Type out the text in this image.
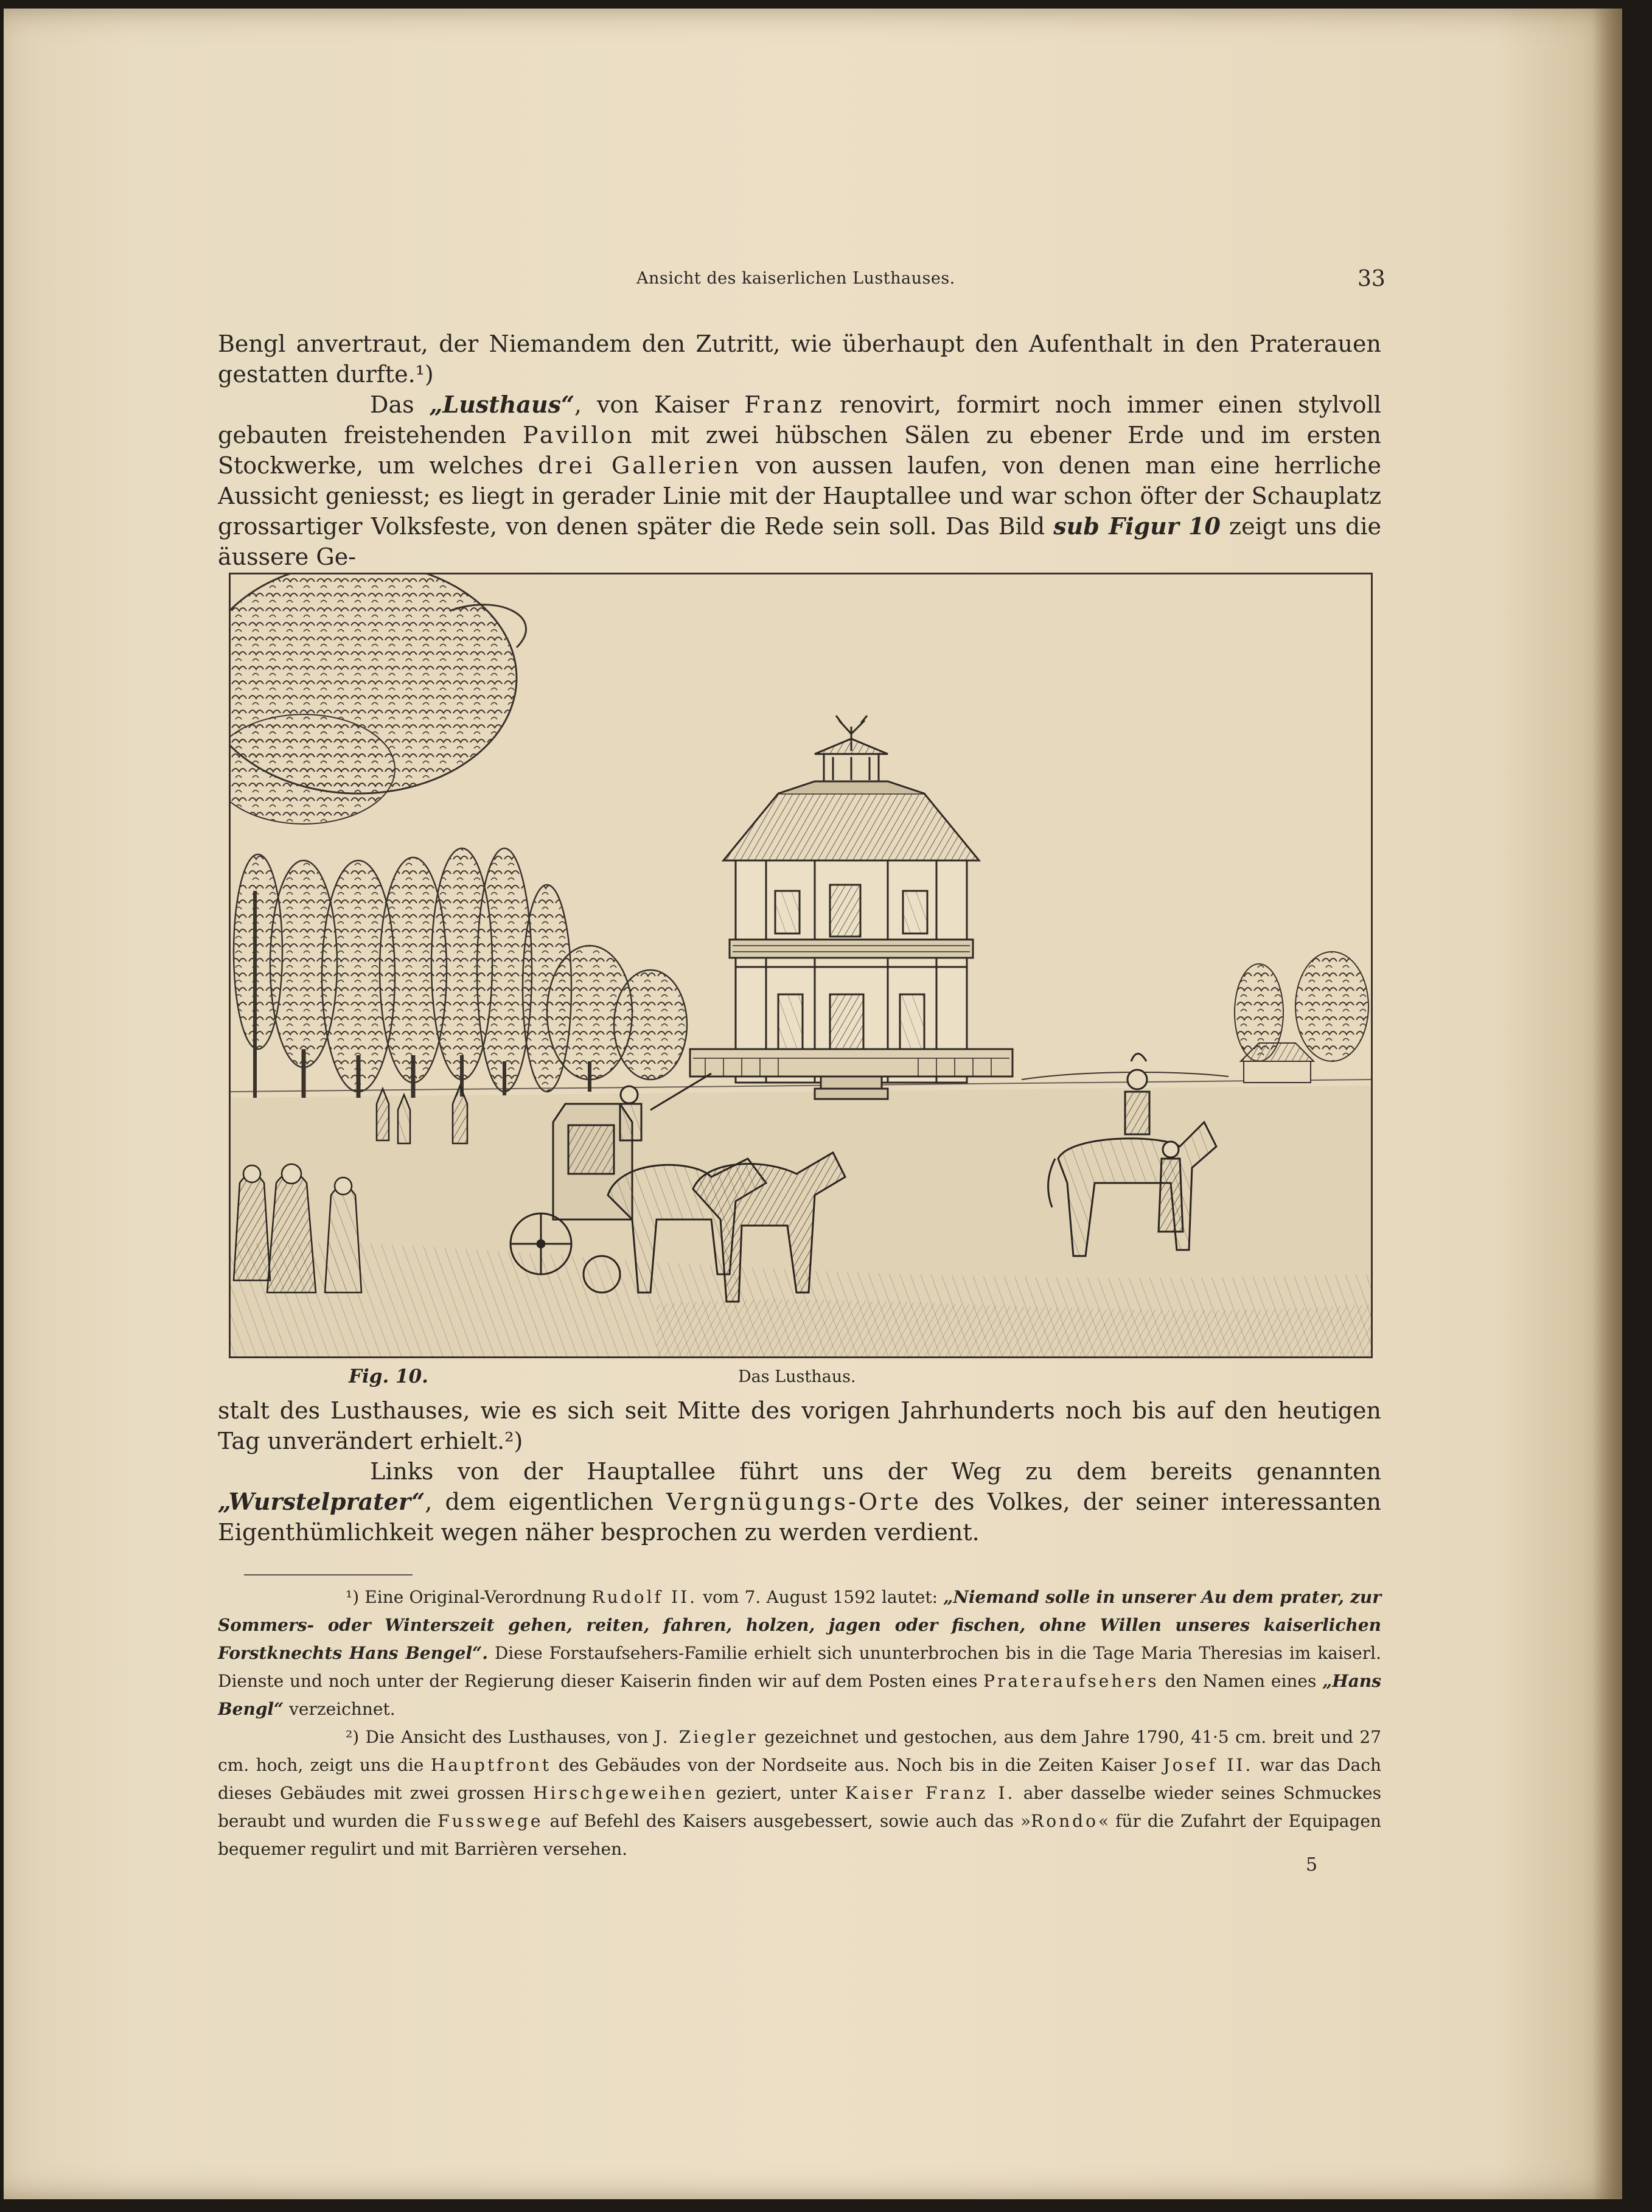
Ansicht des kaiserlichen Lusthauses.	33

Bengl anvertraut, der Niemandem den Zutritt, wie überhaupt den Aufenthalt in den Praterauen gestatten durfte.¹)

Das „Lusthaus“, von Kaiser Franz renovirt, formirt noch immer einen stylvoll gebauten freistehenden Pavillon mit zwei hübschen Sälen zu ebener Erde und im ersten Stockwerke, um welches drei Gallerien von aussen laufen, von denen man eine herrliche Aussicht geniesst; es liegt in gerader Linie mit der Hauptallee und war schon öfter der Schauplatz grossartiger Volksfeste, von denen später die Rede sein soll. Das Bild sub Figur 10 zeigt uns die äussere Ge-

Fig. 10.	Das Lusthaus.

stalt des Lusthauses, wie es sich seit Mitte des vorigen Jahrhunderts noch bis auf den heutigen Tag unverändert erhielt.²)

Links von der Hauptallee führt uns der Weg zu dem bereits genannten „Wurstelprater“, dem eigentlichen Vergnügungs-Orte des Volkes, der seiner interessanten Eigenthümlichkeit wegen näher besprochen zu werden verdient.

¹) Eine Original-Verordnung Rudolf II. vom 7. August 1592 lautet: „Niemand solle in unserer Au dem prater, zur Sommers- oder Winterszeit gehen, reiten, fahren, holzen, jagen oder fischen, ohne Willen unseres kaiserlichen Forstknechts Hans Bengel“. Diese Forstaufsehers-Familie erhielt sich ununterbrochen bis in die Tage Maria Theresias im kaiserl. Dienste und noch unter der Regierung dieser Kaiserin finden wir auf dem Posten eines Prateraufsehers den Namen eines „Hans Bengl“ verzeichnet.

²) Die Ansicht des Lusthauses, von J. Ziegler gezeichnet und gestochen, aus dem Jahre 1790, 41·5 cm. breit und 27 cm. hoch, zeigt uns die Hauptfront des Gebäudes von der Nordseite aus. Noch bis in die Zeiten Kaiser Josef II. war das Dach dieses Gebäudes mit zwei grossen Hirschgeweihen geziert, unter Kaiser Franz I. aber dasselbe wieder seines Schmuckes beraubt und wurden die Fusswege auf Befehl des Kaisers ausgebessert, sowie auch das »Rondo« für die Zufahrt der Equipagen bequemer regulirt und mit Barrièren versehen.

5
